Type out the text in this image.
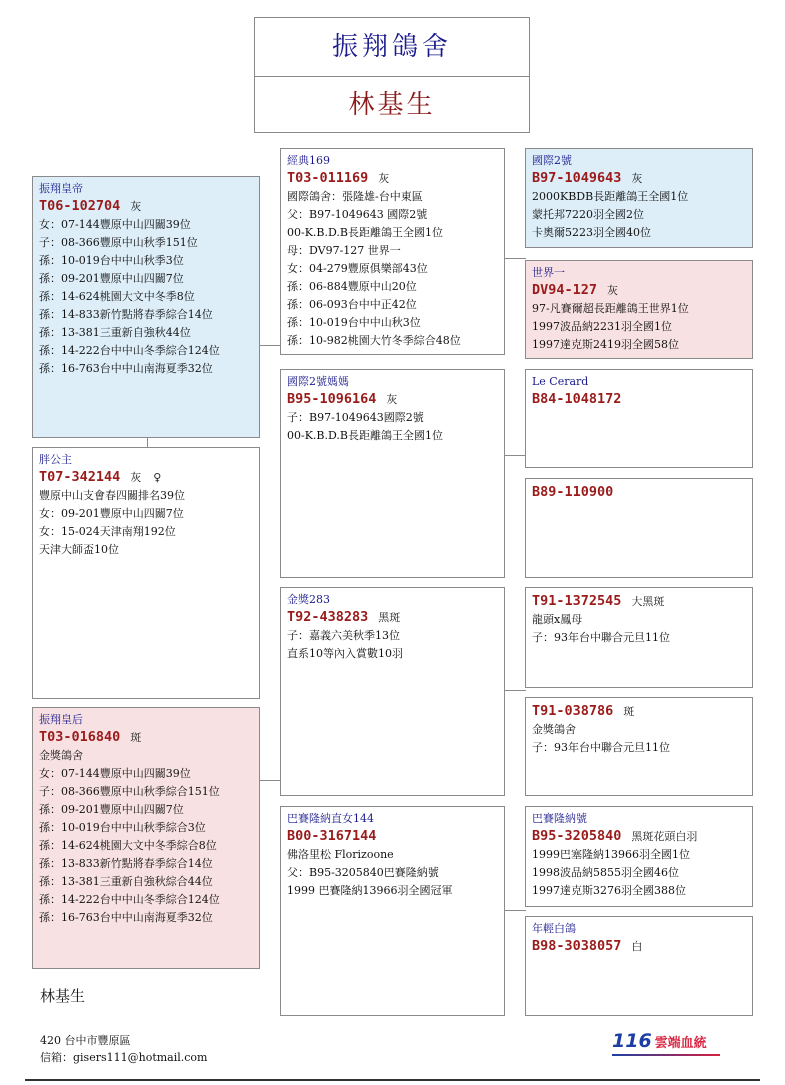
振翔鴿舍
林基生
振翔皇帝
T06-102704 灰
女：07-144豐原中山四關39位
子：08-366豐原中山秋季151位
孫：10-019台中中山秋季3位
孫：09-201豐原中山四關7位
孫：14-624桃園大文中冬季8位
孫：14-833新竹點將春季綜合14位
孫：13-381三重新自強秋44位
孫：14-222台中中山冬季綜合124位
孫：16-763台中中山南海夏季32位
胖公主
T07-342144 灰 ♀
豐原中山支會春四關排名39位
女：09-201豐原中山四關7位
女：15-024天津南翔192位
天津大師盃10位
振翔皇后
T03-016840 斑
金獎鴿舍
女：07-144豐原中山四關39位
子：08-366豐原中山秋季綜合151位
孫：09-201豐原中山四關7位
孫：10-019台中中山秋季綜合3位
孫：14-624桃園大文中冬季綜合8位
孫：13-833新竹點將春季綜合14位
孫：13-381三重新自強秋綜合44位
孫：14-222台中中山冬季綜合124位
孫：16-763台中中山南海夏季32位
經典169
T03-011169 灰
國際鴿舍：張隆雄-台中東區
父：B97-1049643 國際2號
00-K.B.D.B長距離鴿王全國1位
母：DV97-127 世界一
女：04-279豐原俱樂部43位
孫：06-884豐原中山20位
孫：06-093台中中正42位
孫：10-019台中中山秋3位
孫：10-982桃園大竹冬季綜合48位
國際2號媽媽
B95-1096164 灰
子：B97-1049643國際2號
00-K.B.D.B長距離鴿王全國1位
金獎283
T92-438283 黑斑
子：嘉義六美秋季13位
直系10等內入賞數10羽
巴賽隆納直女144
B00-3167144
佛洛里松 Florizoone
父：B95-3205840巴賽隆納號
1999 巴賽隆納13966羽全國冠軍
國際2號
B97-1049643 灰
2000KBDB長距離鴿王全國1位
蒙托邦7220羽全國2位
卡奧爾5223羽全國40位
世界一
DV94-127 灰
97-凡賽爾超長距離鴿王世界1位
1997波品納2231羽全國1位
1997達克斯2419羽全國58位
Le Cerard
B84-1048172
B89-110900
T91-1372545 大黑斑
龍頭x鳳母
子：93年台中聯合元旦11位
T91-038786 斑
金獎鴿舍
子：93年台中聯合元旦11位
巴賽隆納號
B95-3205840 黑斑花頭白羽
1999巴塞隆納13966羽全國1位
1998波品納5855羽全國46位
1997達克斯3276羽全國388位
年輕白鴿
B98-3038057 白
林基生
420 台中市豐原區
信箱：gisers111@hotmail.com
116 雲端血統
